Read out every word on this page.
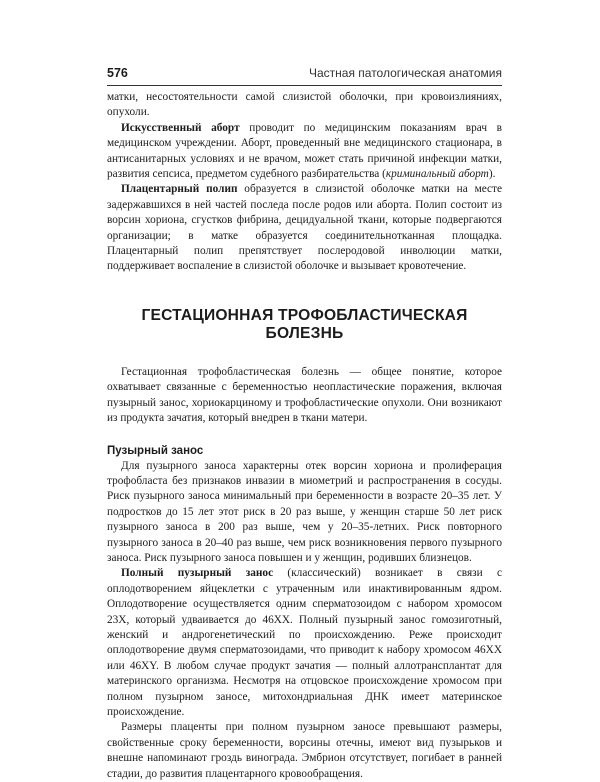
576	Частная патологическая анатомия

матки, несостоятельности самой слизистой оболочки, при кровоизлияниях, опухоли.

Искусственный аборт проводит по медицинским показаниям врач в медицинском учреждении. Аборт, проведенный вне медицинского стационара, в антисанитарных условиях и не врачом, может стать причиной инфекции матки, развития сепсиса, предметом судебного разбирательства (криминальный аборт).

Плацентарный полип образуется в слизистой оболочке матки на месте задержавшихся в ней частей последа после родов или аборта. Полип состоит из ворсин хориона, сгустков фибрина, децидуальной ткани, которые подвергаются организации; в матке образуется соединительнотканная площадка. Плацентарный полип препятствует послеродовой инволюции матки, поддерживает воспаление в слизистой оболочке и вызывает кровотечение.

ГЕСТАЦИОННАЯ ТРОФОБЛАСТИЧЕСКАЯ БОЛЕЗНЬ

Гестационная трофобластическая болезнь — общее понятие, которое охватывает связанные с беременностью неопластические поражения, включая пузырный занос, хориокарциному и трофобластические опухоли. Они возникают из продукта зачатия, который внедрен в ткани матери.

Пузырный занос

Для пузырного заноса характерны отек ворсин хориона и пролиферация трофобласта без признаков инвазии в миометрий и распространения в сосуды. Риск пузырного заноса минимальный при беременности в возрасте 20–35 лет. У подростков до 15 лет этот риск в 20 раз выше, у женщин старше 50 лет риск пузырного заноса в 200 раз выше, чем у 20–35-летних. Риск повторного пузырного заноса в 20–40 раз выше, чем риск возникновения первого пузырного заноса. Риск пузырного заноса повышен и у женщин, родивших близнецов.

Полный пузырный занос (классический) возникает в связи с оплодотворением яйцеклетки с утраченным или инактивированным ядром. Оплодотворение осуществляется одним сперматозоидом с набором хромосом 23X, который удваивается до 46XX. Полный пузырный занос гомозиготный, женский и андрогенетический по происхождению. Реже происходит оплодотворение двумя сперматозоидами, что приводит к набору хромосом 46XX или 46XY. В любом случае продукт зачатия — полный аллотрансплантат для материнского организма. Несмотря на отцовское происхождение хромосом при полном пузырном заносе, митохондриальная ДНК имеет материнское происхождение.

Размеры плаценты при полном пузырном заносе превышают размеры, свойственные сроку беременности, ворсины отечны, имеют вид пузырьков и внешне напоминают гроздь винограда. Эмбрион отсутствует, погибает в ранней стадии, до развития плацентарного кровообращения.
